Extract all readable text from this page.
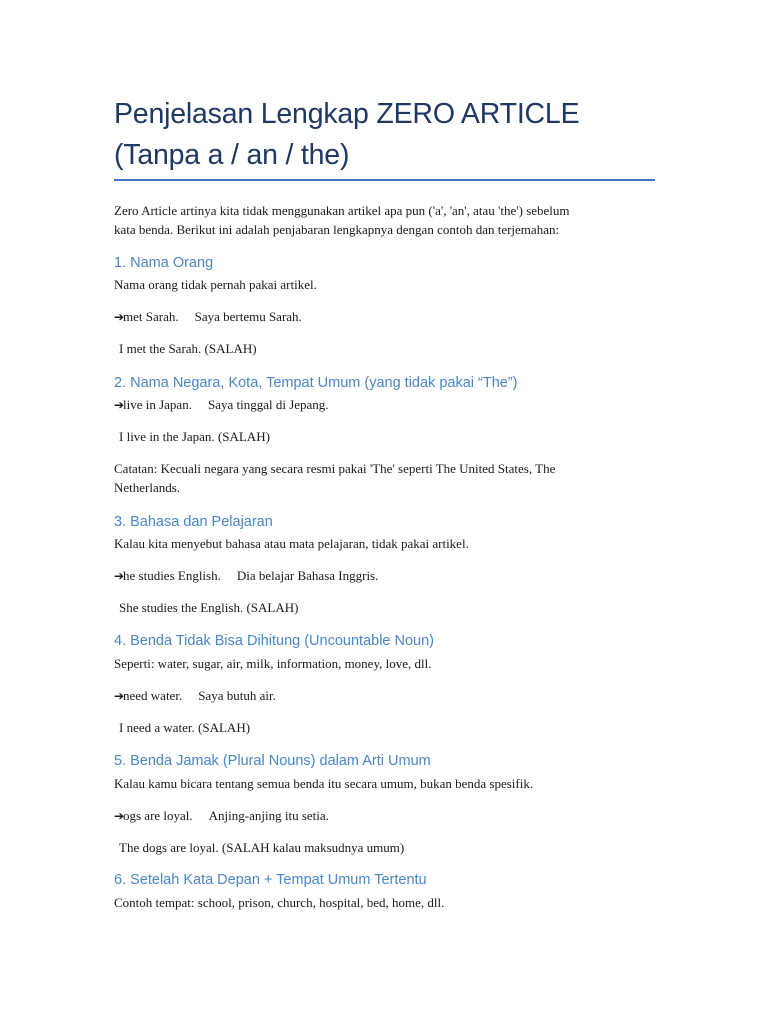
Penjelasan Lengkap ZERO ARTICLE
(Tanpa a / an / the)

Zero Article artinya kita tidak menggunakan artikel apa pun ('a', 'an', atau 'the') sebelum
kata benda. Berikut ini adalah penjabaran lengkapnya dengan contoh dan terjemahan:

1. Nama Orang

Nama orang tidak pernah pakai artikel.

➔met Sarah. Saya bertemu Sarah.

I met the Sarah. (SALAH)

2. Nama Negara, Kota, Tempat Umum (yang tidak pakai “The”)

➔live in Japan. Saya tinggal di Jepang.

I live in the Japan. (SALAH)

Catatan: Kecuali negara yang secara resmi pakai 'The' seperti The United States, The
Netherlands.

3. Bahasa dan Pelajaran

Kalau kita menyebut bahasa atau mata pelajaran, tidak pakai artikel.

➔he studies English. Dia belajar Bahasa Inggris.

She studies the English. (SALAH)

4. Benda Tidak Bisa Dihitung (Uncountable Noun)

Seperti: water, sugar, air, milk, information, money, love, dll.

➔need water. Saya butuh air.

I need a water. (SALAH)

5. Benda Jamak (Plural Nouns) dalam Arti Umum

Kalau kamu bicara tentang semua benda itu secara umum, bukan benda spesifik.

➔ogs are loyal. Anjing-anjing itu setia.

The dogs are loyal. (SALAH kalau maksudnya umum)

6. Setelah Kata Depan + Tempat Umum Tertentu

Contoh tempat: school, prison, church, hospital, bed, home, dll.
